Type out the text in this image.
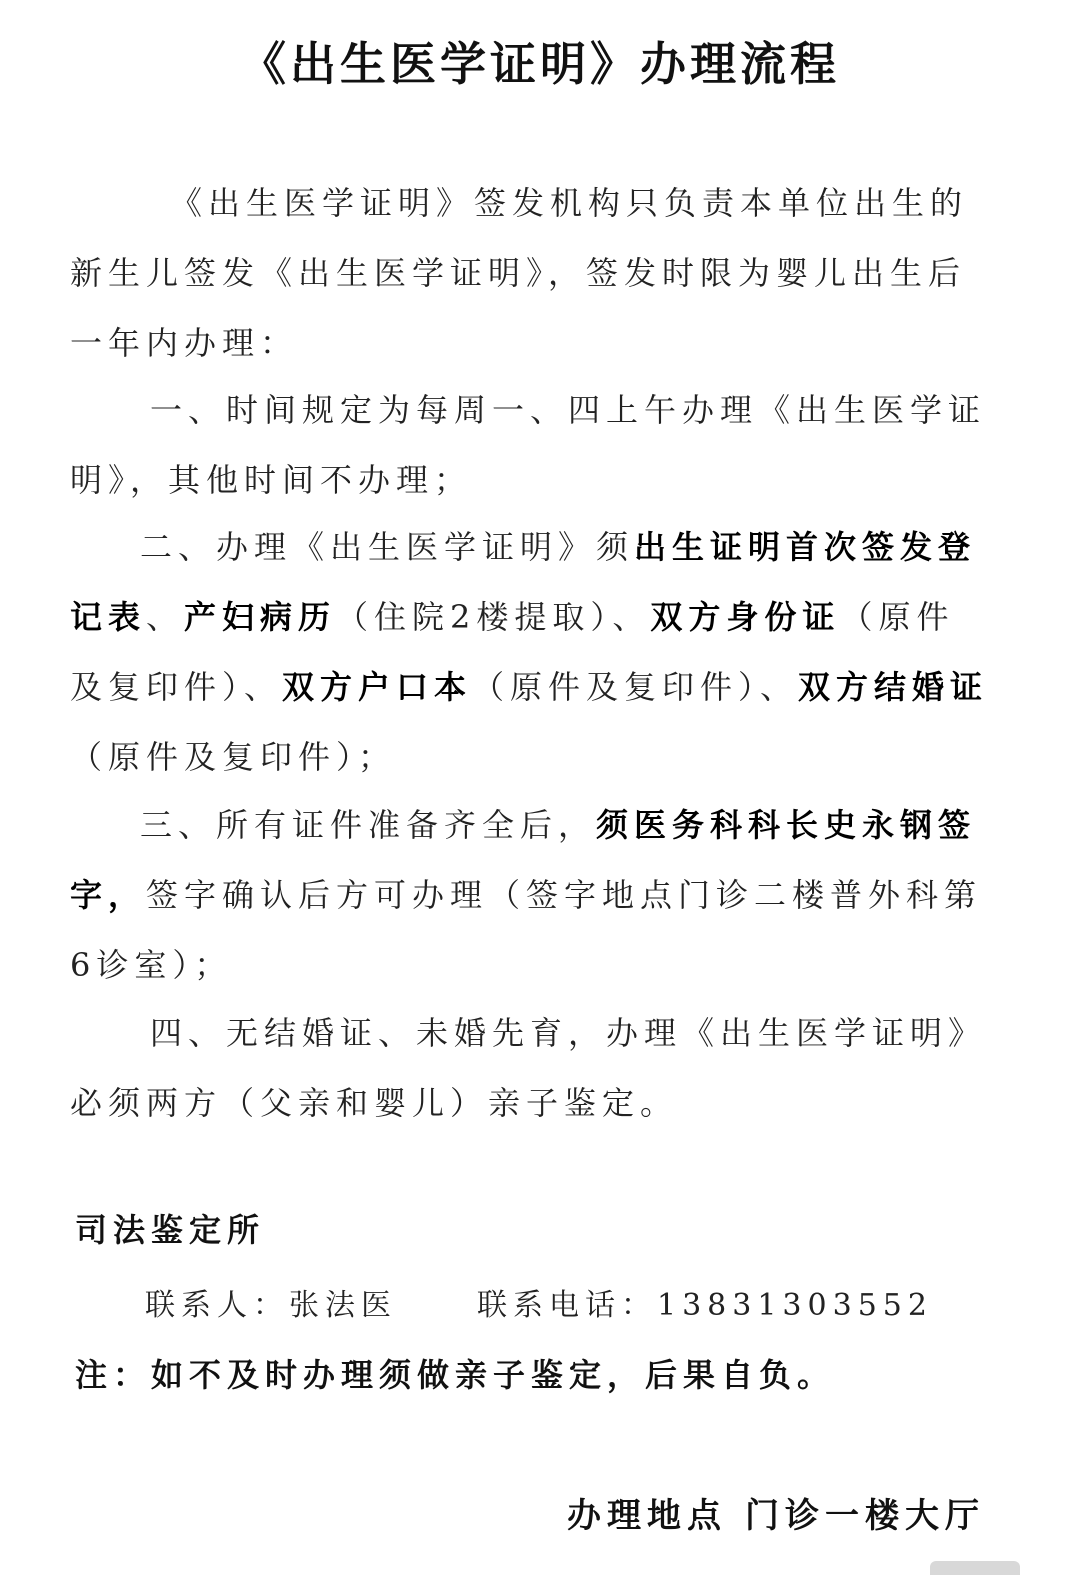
《出生医学证明》办理流程
《出生医学证明》签发机构只负责本单位出生的新生儿签发《出生医学证明》，签发时限为婴儿出生后一年内办理：
一、时间规定为每周一、四上午办理《出生医学证明》，其他时间不办理；
二、办理《出生医学证明》须出生证明首次签发登记表、产妇病历（住院2楼提取）、双方身份证（原件及复印件）、双方户口本（原件及复印件）、双方结婚证（原件及复印件）；
三、所有证件准备齐全后，须医务科科长史永钢签字，签字确认后方可办理（签字地点门诊二楼普外科第6诊室）；
四、无结婚证、未婚先育，办理《出生医学证明》必须两方（父亲和婴儿）亲子鉴定。
司法鉴定所
联系人：张法医	联系电话：13831303552
注：如不及时办理须做亲子鉴定，后果自负。
办理地点 门诊一楼大厅
